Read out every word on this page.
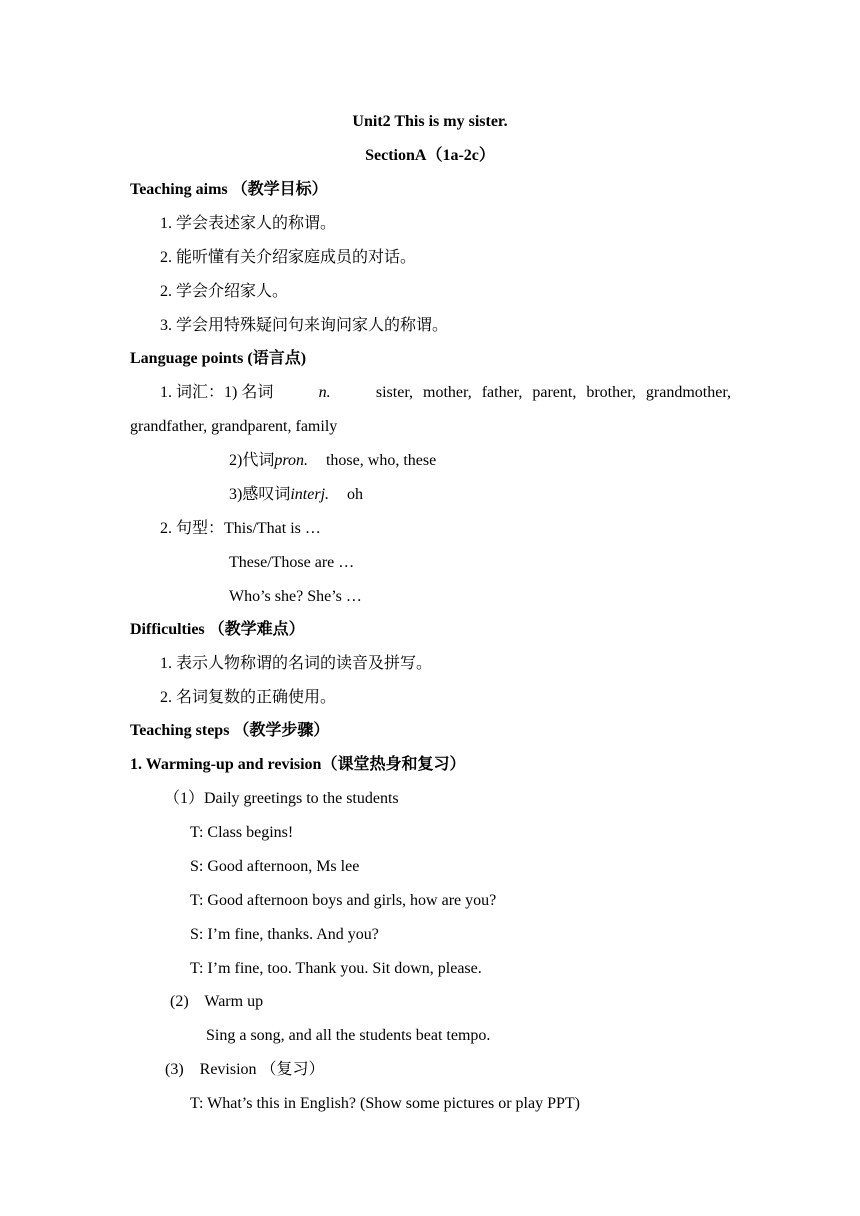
Unit2 This is my sister.
SectionA（1a-2c）
Teaching aims （教学目标）
1. 学会表述家人的称谓。
2. 能听懂有关介绍家庭成员的对话。
2. 学会介绍家人。
3. 学会用特殊疑问句来询问家人的称谓。
Language points (语言点)
1. 词汇：1) 名词	n.	sister, mother, father, parent, brother, grandmother,
grandfather, grandparent, family
2)代词pron. those, who, these
3)感叹词interj. oh
2. 句型：This/That is …
These/Those are …
Who’s she? She’s …
Difficulties （教学难点）
1. 表示人物称谓的名词的读音及拼写。
2. 名词复数的正确使用。
Teaching steps （教学步骤）
1. Warming-up and revision（课堂热身和复习）
（1）Daily greetings to the students
T: Class begins!
S: Good afternoon, Ms lee
T: Good afternoon boys and girls, how are you?
S: I’m fine, thanks. And you?
T: I’m fine, too. Thank you. Sit down, please.
(2)    Warm up
Sing a song, and all the students beat tempo.
(3)    Revision （复习）
T: What’s this in English? (Show some pictures or play PPT)
